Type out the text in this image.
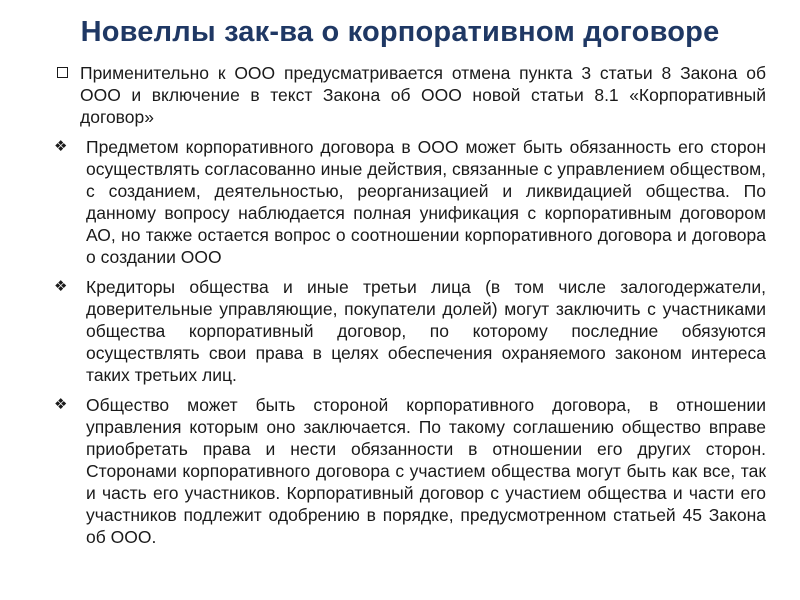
Новеллы зак-ва о корпоративном договоре
Применительно к ООО предусматривается отмена пункта 3 статьи 8 Закона об ООО и включение в текст Закона об ООО новой статьи 8.1 «Корпоративный договор»
❖ Предметом корпоративного договора в ООО может быть обязанность его сторон осуществлять согласованно иные действия, связанные с управлением обществом, с созданием, деятельностью, реорганизацией и ликвидацией общества. По данному вопросу наблюдается полная унификация с корпоративным договором АО, но также остается вопрос о соотношении корпоративного договора и договора о создании ООО
❖ Кредиторы общества и иные третьи лица (в том числе залогодержатели, доверительные управляющие, покупатели долей) могут заключить с участниками общества корпоративный договор, по которому последние обязуются осуществлять свои права в целях обеспечения охраняемого законом интереса таких третьих лиц.
❖ Общество может быть стороной корпоративного договора, в отношении управления которым оно заключается. По такому соглашению общество вправе приобретать права и нести обязанности в отношении его других сторон. Сторонами корпоративного договора с участием общества могут быть как все, так и часть его участников. Корпоративный договор с участием общества и части его участников подлежит одобрению в порядке, предусмотренном статьей 45 Закона об ООО.
